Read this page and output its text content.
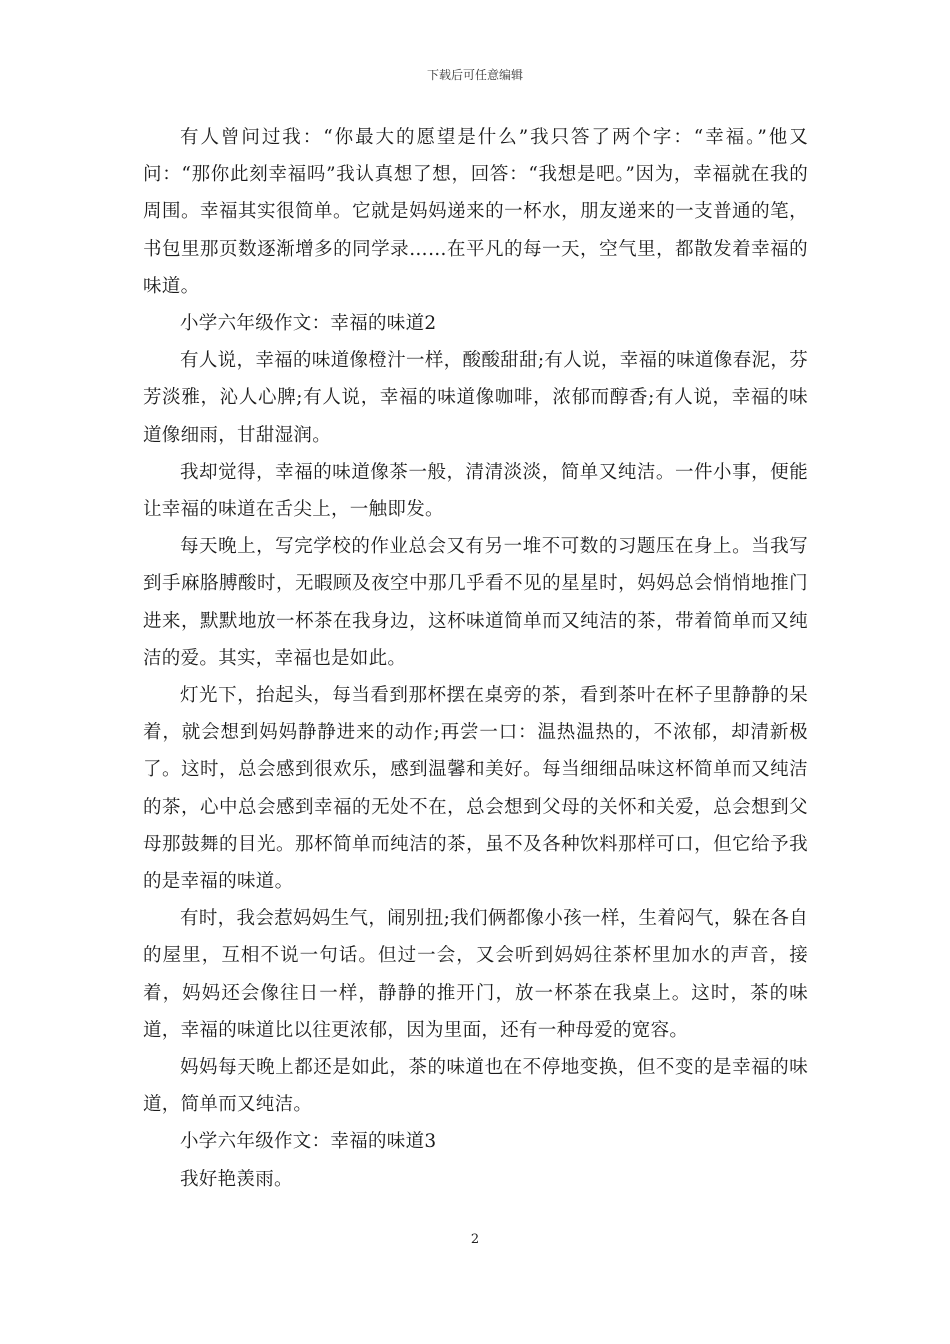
下载后可任意编辑

有人曾问过我：“你最大的愿望是什么”我只答了两个字：“幸福。”他又问：“那你此刻幸福吗”我认真想了想，回答：“我想是吧。”因为，幸福就在我的周围。幸福其实很简单。它就是妈妈递来的一杯水，朋友递来的一支普通的笔，书包里那页数逐渐增多的同学录……在平凡的每一天，空气里，都散发着幸福的味道。

小学六年级作文：幸福的味道2

有人说，幸福的味道像橙汁一样，酸酸甜甜;有人说，幸福的味道像春泥，芬芳淡雅，沁人心脾;有人说，幸福的味道像咖啡，浓郁而醇香;有人说，幸福的味道像细雨，甘甜湿润。

我却觉得，幸福的味道像茶一般，清清淡淡，简单又纯洁。一件小事，便能让幸福的味道在舌尖上，一触即发。

每天晚上，写完学校的作业总会又有另一堆不可数的习题压在身上。当我写到手麻胳膊酸时，无暇顾及夜空中那几乎看不见的星星时，妈妈总会悄悄地推门进来，默默地放一杯茶在我身边，这杯味道简单而又纯洁的茶，带着简单而又纯洁的爱。其实，幸福也是如此。

灯光下，抬起头，每当看到那杯摆在桌旁的茶，看到茶叶在杯子里静静的呆着，就会想到妈妈静静进来的动作;再尝一口：温热温热的，不浓郁，却清新极了。这时，总会感到很欢乐，感到温馨和美好。每当细细品味这杯简单而又纯洁的茶，心中总会感到幸福的无处不在，总会想到父母的关怀和关爱，总会想到父母那鼓舞的目光。那杯简单而纯洁的茶，虽不及各种饮料那样可口，但它给予我的是幸福的味道。

有时，我会惹妈妈生气，闹别扭;我们俩都像小孩一样，生着闷气，躲在各自的屋里，互相不说一句话。但过一会，又会听到妈妈往茶杯里加水的声音，接着，妈妈还会像往日一样，静静的推开门，放一杯茶在我桌上。这时，茶的味道，幸福的味道比以往更浓郁，因为里面，还有一种母爱的宽容。

妈妈每天晚上都还是如此，茶的味道也在不停地变换，但不变的是幸福的味道，简单而又纯洁。

小学六年级作文：幸福的味道3

我好艳羡雨。

2
